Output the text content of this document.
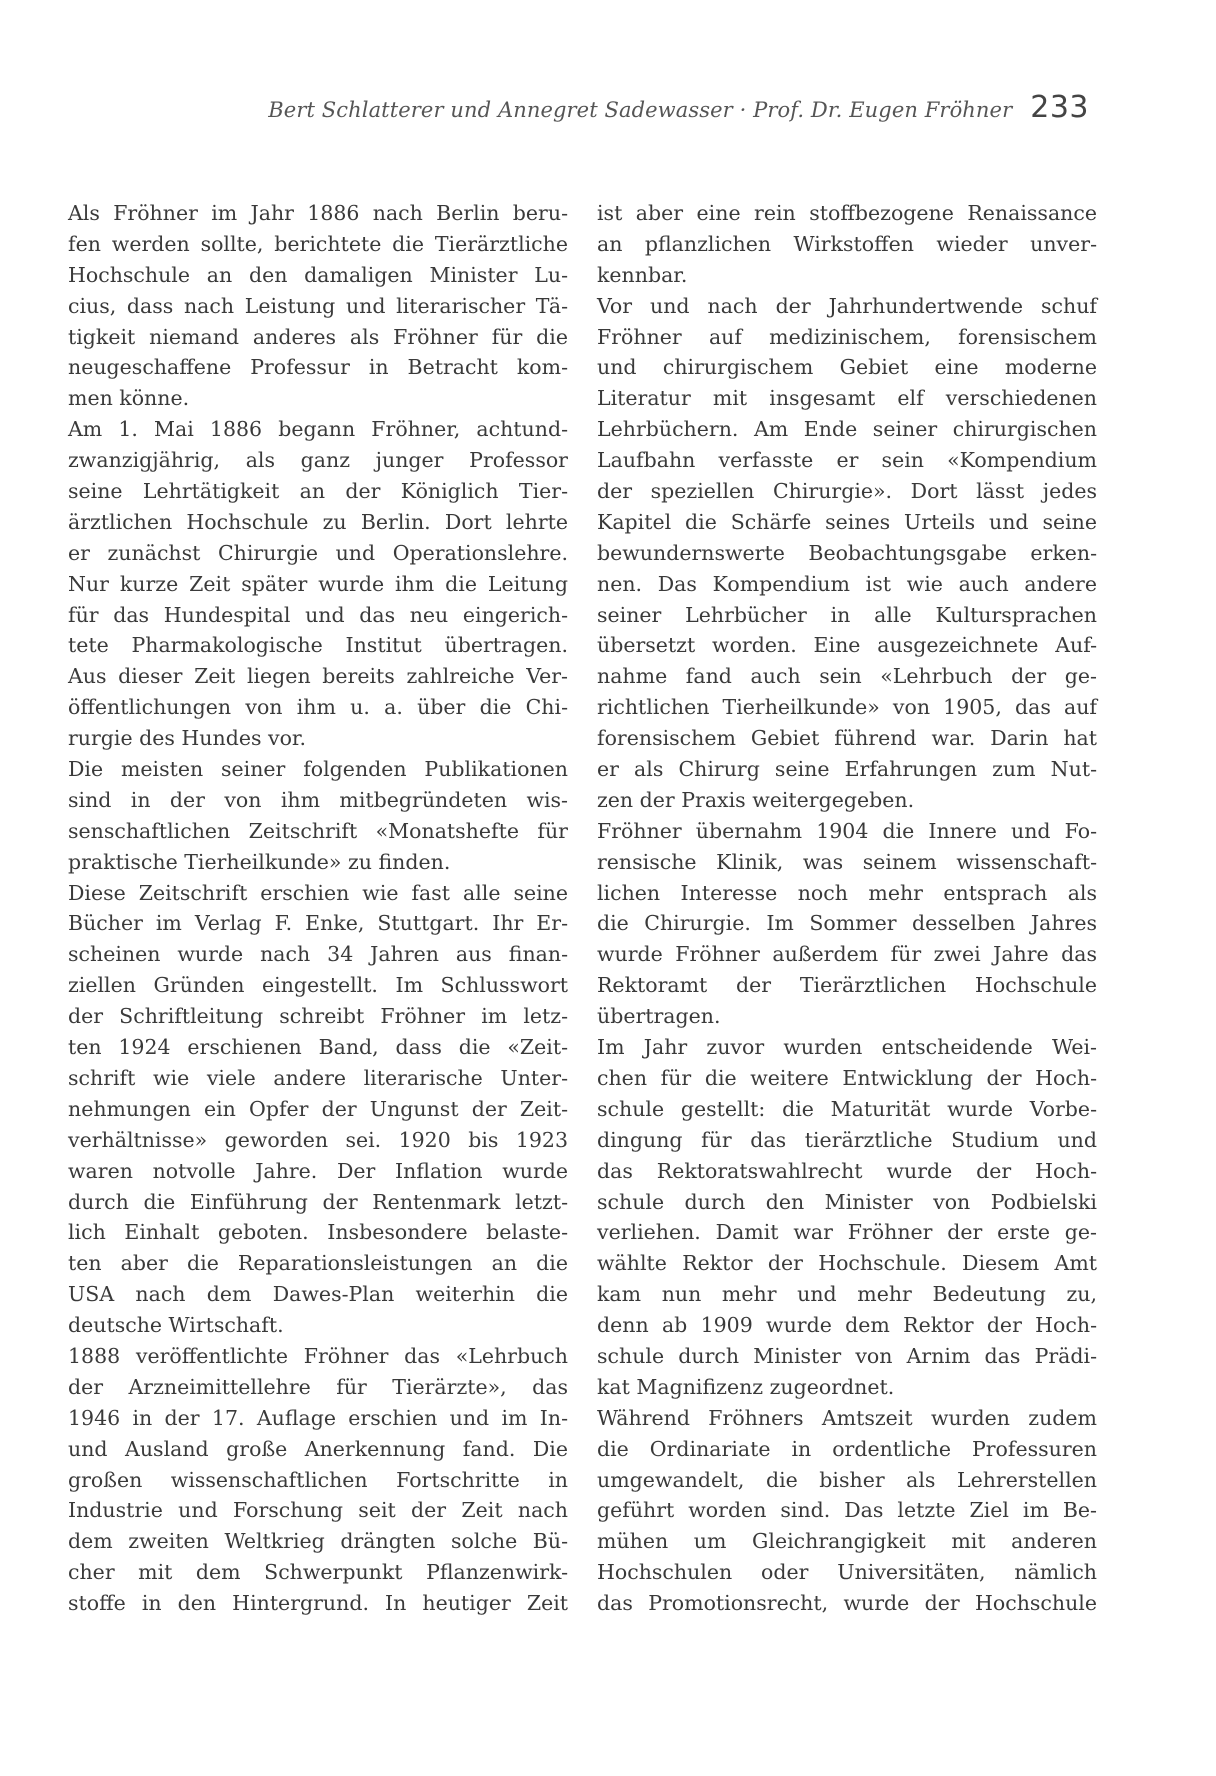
Bert Schlatterer und Annegret Sadewasser · Prof. Dr. Eugen Fröhner 233
Als Fröhner im Jahr 1886 nach Berlin beru-
fen werden sollte, berichtete die Tierärztliche
Hochschule an den damaligen Minister Lu-
cius, dass nach Leistung und literarischer Tä-
tigkeit niemand anderes als Fröhner für die
neugeschaffene Professur in Betracht kom-
men könne.
Am 1. Mai 1886 begann Fröhner, achtund-
zwanzigjährig, als ganz junger Professor
seine Lehrtätigkeit an der Königlich Tier-
ärztlichen Hochschule zu Berlin. Dort lehrte
er zunächst Chirurgie und Operationslehre.
Nur kurze Zeit später wurde ihm die Leitung
für das Hundespital und das neu eingerich-
tete Pharmakologische Institut übertragen.
Aus dieser Zeit liegen bereits zahlreiche Ver-
öffentlichungen von ihm u. a. über die Chi-
rurgie des Hundes vor.
Die meisten seiner folgenden Publikationen
sind in der von ihm mitbegründeten wis-
senschaftlichen Zeitschrift «Monatshefte für
praktische Tierheilkunde» zu finden.
Diese Zeitschrift erschien wie fast alle seine
Bücher im Verlag F. Enke, Stuttgart. Ihr Er-
scheinen wurde nach 34 Jahren aus finan-
ziellen Gründen eingestellt. Im Schlusswort
der Schriftleitung schreibt Fröhner im letz-
ten 1924 erschienen Band, dass die «Zeit-
schrift wie viele andere literarische Unter-
nehmungen ein Opfer der Ungunst der Zeit-
verhältnisse» geworden sei. 1920 bis 1923
waren notvolle Jahre. Der Inflation wurde
durch die Einführung der Rentenmark letzt-
lich Einhalt geboten. Insbesondere belaste-
ten aber die Reparationsleistungen an die
USA nach dem Dawes-Plan weiterhin die
deutsche Wirtschaft.
1888 veröffentlichte Fröhner das «Lehrbuch
der Arzneimittellehre für Tierärzte», das
1946 in der 17. Auflage erschien und im In-
und Ausland große Anerkennung fand. Die
großen wissenschaftlichen Fortschritte in
Industrie und Forschung seit der Zeit nach
dem zweiten Weltkrieg drängten solche Bü-
cher mit dem Schwerpunkt Pflanzenwirk-
stoffe in den Hintergrund. In heutiger Zeit
ist aber eine rein stoffbezogene Renaissance
an pflanzlichen Wirkstoffen wieder unver-
kennbar.
Vor und nach der Jahrhundertwende schuf
Fröhner auf medizinischem, forensischem
und chirurgischem Gebiet eine moderne
Literatur mit insgesamt elf verschiedenen
Lehrbüchern. Am Ende seiner chirurgischen
Laufbahn verfasste er sein «Kompendium
der speziellen Chirurgie». Dort lässt jedes
Kapitel die Schärfe seines Urteils und seine
bewundernswerte Beobachtungsgabe erken-
nen. Das Kompendium ist wie auch andere
seiner Lehrbücher in alle Kultursprachen
übersetzt worden. Eine ausgezeichnete Auf-
nahme fand auch sein «Lehrbuch der ge-
richtlichen Tierheilkunde» von 1905, das auf
forensischem Gebiet führend war. Darin hat
er als Chirurg seine Erfahrungen zum Nut-
zen der Praxis weitergegeben.
Fröhner übernahm 1904 die Innere und Fo-
rensische Klinik, was seinem wissenschaft-
lichen Interesse noch mehr entsprach als
die Chirurgie. Im Sommer desselben Jahres
wurde Fröhner außerdem für zwei Jahre das
Rektoramt der Tierärztlichen Hochschule
übertragen.
Im Jahr zuvor wurden entscheidende Wei-
chen für die weitere Entwicklung der Hoch-
schule gestellt: die Maturität wurde Vorbe-
dingung für das tierärztliche Studium und
das Rektoratswahlrecht wurde der Hoch-
schule durch den Minister von Podbielski
verliehen. Damit war Fröhner der erste ge-
wählte Rektor der Hochschule. Diesem Amt
kam nun mehr und mehr Bedeutung zu,
denn ab 1909 wurde dem Rektor der Hoch-
schule durch Minister von Arnim das Prädi-
kat Magnifizenz zugeordnet.
Während Fröhners Amtszeit wurden zudem
die Ordinariate in ordentliche Professuren
umgewandelt, die bisher als Lehrerstellen
geführt worden sind. Das letzte Ziel im Be-
mühen um Gleichrangigkeit mit anderen
Hochschulen oder Universitäten, nämlich
das Promotionsrecht, wurde der Hochschule
